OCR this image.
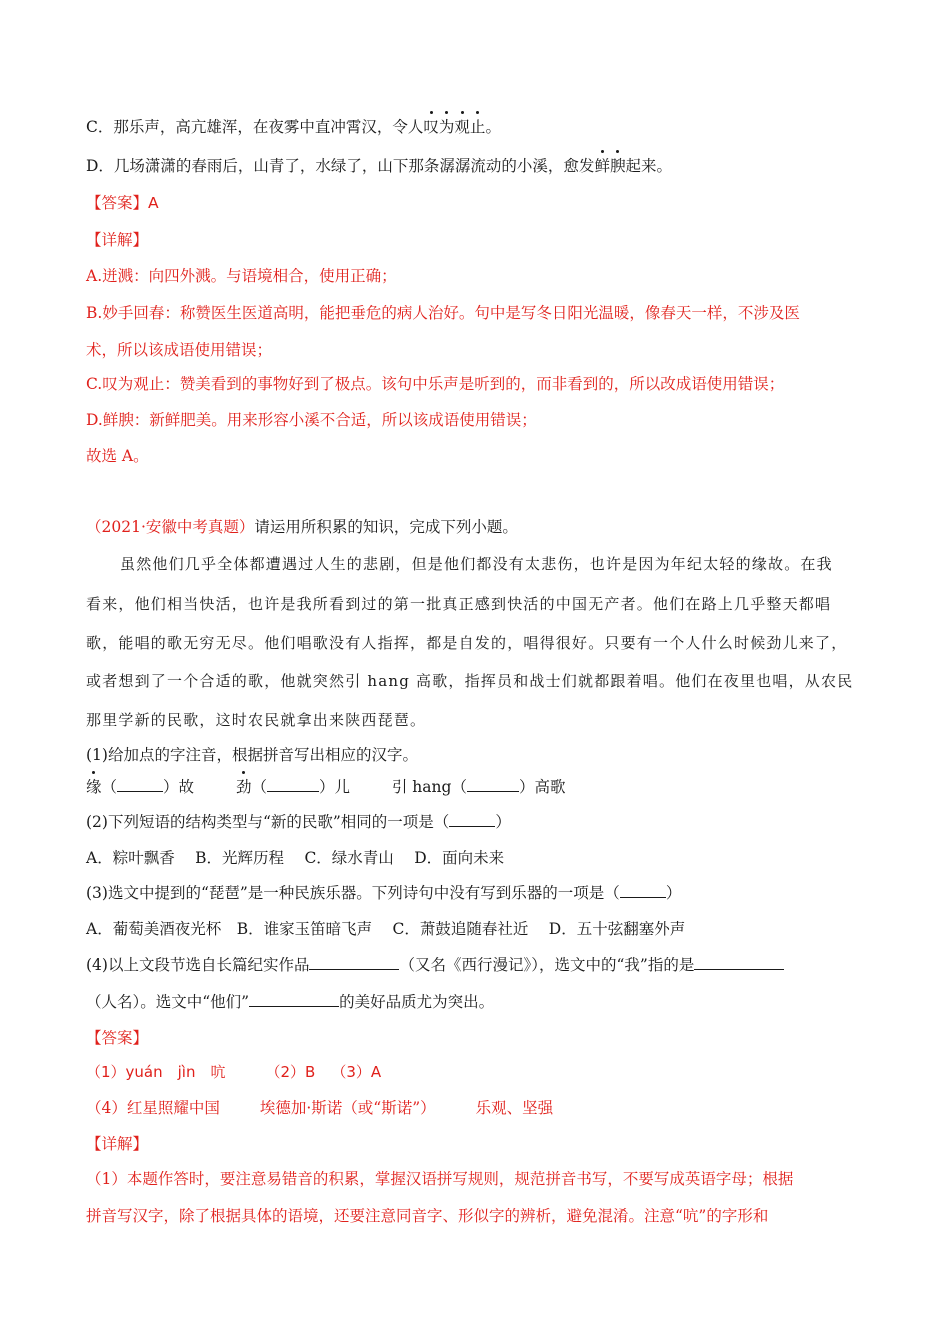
C．那乐声，高亢雄浑，在夜雾中直冲霄汉，令人叹为观止。
D．几场潇潇的春雨后，山青了，水绿了，山下那条潺潺流动的小溪，愈发鲜腴起来。
【答案】A
【详解】
A.迸溅：向四外溅。与语境相合，使用正确；
B.妙手回春：称赞医生医道高明，能把垂危的病人治好。句中是写冬日阳光温暖，像春天一样，不涉及医
术，所以该成语使用错误；
C.叹为观止：赞美看到的事物好到了极点。该句中乐声是听到的，而非看到的，所以改成语使用错误；
D.鲜腴：新鲜肥美。用来形容小溪不合适，所以该成语使用错误；
故选 A。
（2021·安徽中考真题）请运用所积累的知识，完成下列小题。
虽然他们几乎全体都遭遇过人生的悲剧，但是他们都没有太悲伤，也许是因为年纪太轻的缘故。在我
看来，他们相当快活，也许是我所看到过的第一批真正感到快活的中国无产者。他们在路上几乎整天都唱
歌，能唱的歌无穷无尽。他们唱歌没有人指挥，都是自发的，唱得很好。只要有一个人什么时候劲儿来了，
或者想到了一个合适的歌，他就突然引 hang 高歌，指挥员和战士们就都跟着唱。他们在夜里也唱，从农民
那里学新的民歌，这时农民就拿出来陕西琵琶。
(1)给加点的字注音，根据拼音写出相应的汉字。
缘（	）故	劲（	）儿	引 hang（	）高歌
(2)下列短语的结构类型与“新的民歌”相同的一项是（	）
A．粽叶飘香　 B．光辉历程　 C．绿水青山　 D．面向未来
(3)选文中提到的“琵琶”是一种民族乐器。下列诗句中没有写到乐器的一项是（	）
A．葡萄美酒夜光杯　B．谁家玉笛暗飞声　 C．萧鼓追随春社近　 D．五十弦翻塞外声
(4)以上文段节选自长篇纪实作品	（又名《西行漫记》），选文中的“我”指的是
（人名）。选文中“他们”	的美好品质尤为突出。
【答案】
（1）yuán　jìn　吭	（2）B （3）A
（4）红星照耀中国	埃德加·斯诺（或“斯诺”）	乐观、坚强
【详解】
（1）本题作答时，要注意易错音的积累，掌握汉语拼写规则，规范拼音书写，不要写成英语字母；根据
拼音写汉字，除了根据具体的语境，还要注意同音字、形似字的辨析，避免混淆。注意“吭”的字形和
